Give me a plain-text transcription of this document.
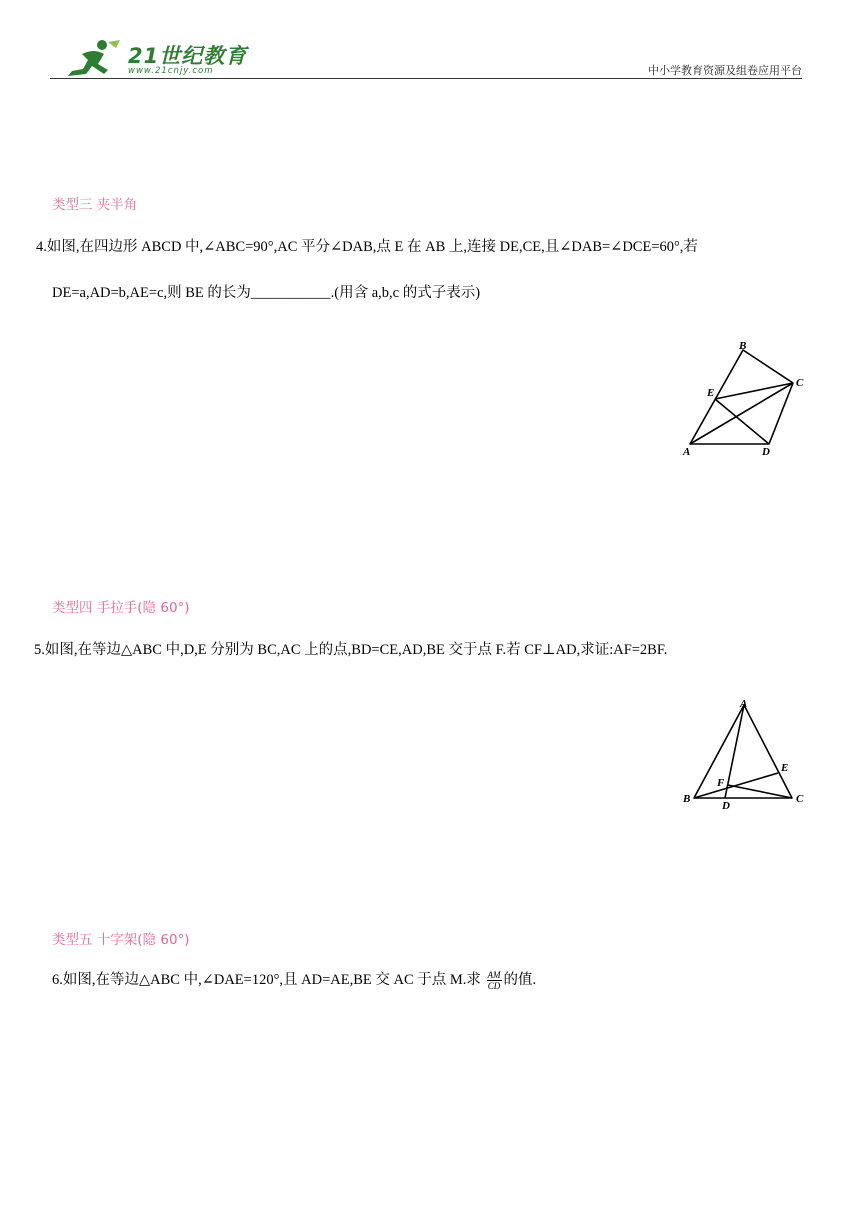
21世纪教育
www.21cnjy.com	中小学教育资源及组卷应用平台
类型三 夹半角
4.如图,在四边形 ABCD 中,∠ABC=90°,AC 平分∠DAB,点 E 在 AB 上,连接 DE,CE,且∠DAB=∠DCE=60°,若
DE=a,AD=b,AE=c,则 BE 的长为___________.(用含 a,b,c 的式子表示)
B
C
E
A	D
类型四 手拉手(隐 60°)
5.如图,在等边△ABC 中,D,E 分别为 BC,AC 上的点,BD=CE,AD,BE 交于点 F.若 CF⊥AD,求证:AF=2BF.
A
E
F
B
D
C
类型五 十字架(隐 60°)
6.如图,在等边△ABC 中,∠DAE=120°,且 AD=AE,BE 交 AC 于点 M.求 $\frac{AM}{CD}$ 的值.
